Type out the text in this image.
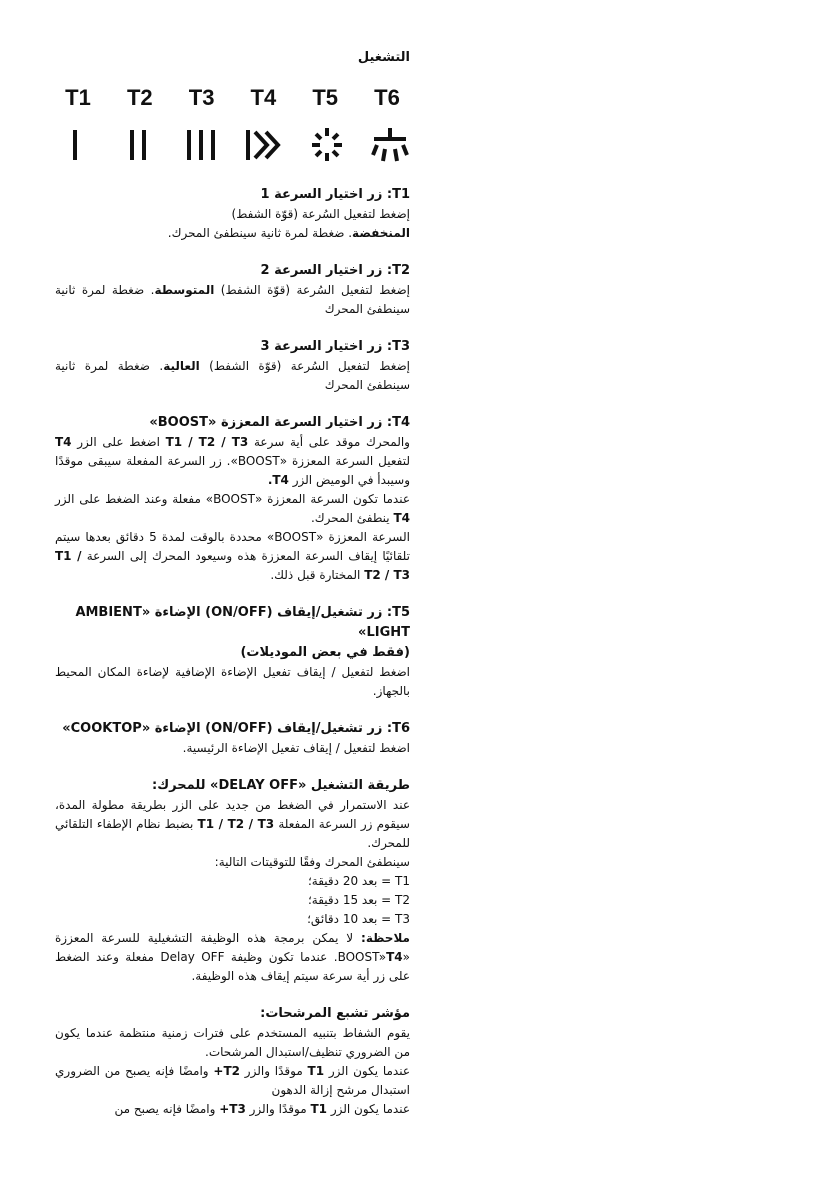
التشغيل
T1	T2	T3	T4	T5	T6
T1: زر اختيار السرعة 1

إضغط لتفعيل السُرعة (قوّة الشفط)

المنخفضة. ضغطة لمرة ثانية سينطفئ المحرك.

T2: زر اختيار السرعة 2

إضغط لتفعيل السُرعة (قوّة الشفط) المتوسطة. ضغطة لمرة ثانية سينطفئ المحرك

T3: زر اختيار السرعة 3

إضغط لتفعيل السُرعة (قوّة الشفط) العالية. ضغطة لمرة ثانية سينطفئ المحرك

T4: زر اختيار السرعة المعززة «BOOST»

والمحرك موقد على أية سرعة T1 / T2 / T3 اضغط على الزر T4 لتفعيل السرعة المعززة «BOOST». زر السرعة المفعلة سيبقى موقدًا وسيبدأ في الوميض الزر T4.

عندما تكون السرعة المعززة «BOOST» مفعلة وعند الضغط على الزر T4 ينطفئ المحرك.

السرعة المعززة «BOOST» محددة بالوقت لمدة 5 دقائق بعدها سيتم تلقائيًا إيقاف السرعة المعززة هذه وسيعود المحرك إلى السرعة T1 / T2 / T3 المختارة قبل ذلك.

T5: زر تشغيل/إيقاف (ON/OFF) الإضاءة «AMBIENT LIGHT»
(فقط في بعض الموديلات)

اضغط لتفعيل / إيقاف تفعيل الإضاءة الإضافية لإضاءة المكان المحيط بالجهاز.

T6: زر تشغيل/إيقاف (ON/OFF) الإضاءة «COOKTOP»

اضغط لتفعيل / إيقاف تفعيل الإضاءة الرئيسية.

طريقة التشغيل «DELAY OFF» للمحرك:

عند الاستمرار في الضغط من جديد على الزر بطريقة مطولة المدة، سيقوم زر السرعة المفعلة T1 / T2 / T3 بضبط نظام الإطفاء التلقائي للمحرك.

سينطفئ المحرك وفقًا للتوقيتات التالية:

T1 = بعد 20 دقيقة؛

T2 = بعد 15 دقيقة؛

T3 = بعد 10 دقائق؛

ملاحظة: لا يمكن برمجة هذه الوظيفة التشغيلية للسرعة المعززة «BOOST»T4. عندما تكون وظيفة Delay OFF مفعلة وعند الضغط على زر أية سرعة سيتم إيقاف هذه الوظيفة.

مؤشر تشبع المرشحات:

يقوم الشفاط بتنبيه المستخدم على فترات زمنية منتظمة عندما يكون من الضروري تنظيف/استبدال المرشحات.

عندما يكون الزر T1 موقدًا والزر T2+ وامضًا فإنه يصبح من الضروري استبدال مرشح إزالة الدهون

عندما يكون الزر T1 موقدًا والزر T3+ وامضًا فإنه يصبح من
